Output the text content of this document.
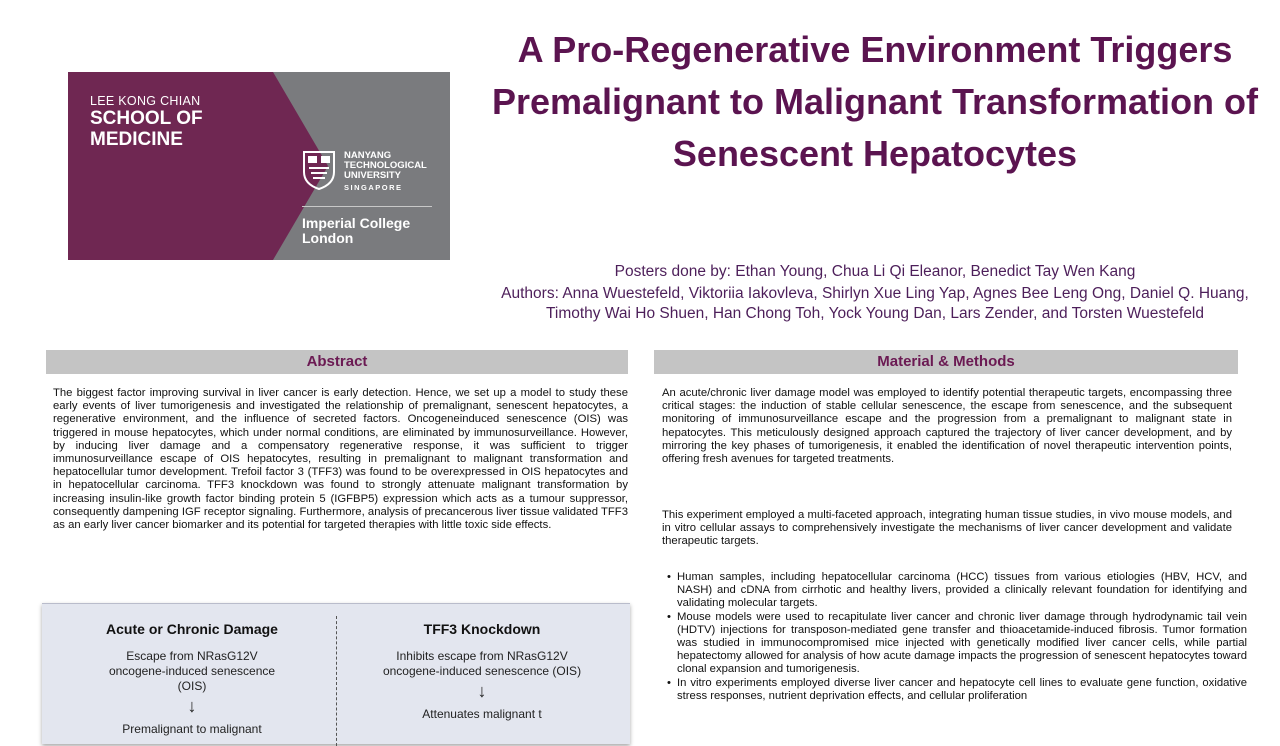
LEE KONG CHIAN
SCHOOL OF MEDICINE
NANYANG TECHNOLOGICAL UNIVERSITY
SINGAPORE
Imperial College London
A Pro-Regenerative Environment Triggers Premalignant to Malignant Transformation of Senescent Hepatocytes
Posters done by: Ethan Young, Chua Li Qi Eleanor, Benedict Tay Wen Kang
Authors: Anna Wuestefeld, Viktoriia Iakovleva, Shirlyn Xue Ling Yap, Agnes Bee Leng Ong, Daniel Q. Huang, Timothy Wai Ho Shuen, Han Chong Toh, Yock Young Dan, Lars Zender, and Torsten Wuestefeld
Abstract
The biggest factor improving survival in liver cancer is early detection. Hence, we set up a model to study these early events of liver tumorigenesis and investigated the relationship of premalignant, senescent hepatocytes, a regenerative environment, and the influence of secreted factors. Oncogeneinduced senescence (OIS) was triggered in mouse hepatocytes, which under normal conditions, are eliminated by immunosurveillance. However, by inducing liver damage and a compensatory regenerative response, it was sufficient to trigger immunosurveillance escape of OIS hepatocytes, resulting in premalignant to malignant transformation and hepatocellular tumor development. Trefoil factor 3 (TFF3) was found to be overexpressed in OIS hepatocytes and in hepatocellular carcinoma. TFF3 knockdown was found to strongly attenuate malignant transformation by increasing insulin-like growth factor binding protein 5 (IGFBP5) expression which acts as a tumour suppressor, consequently dampening IGF receptor signaling. Furthermore, analysis of precancerous liver tissue validated TFF3 as an early liver cancer biomarker and its potential for targeted therapies with little toxic side effects.
Material & Methods
An acute/chronic liver damage model was employed to identify potential therapeutic targets, encompassing three critical stages: the induction of stable cellular senescence, the escape from senescence, and the subsequent monitoring of immunosurveillance escape and the progression from a premalignant to malignant state in hepatocytes. This meticulously designed approach captured the trajectory of liver cancer development, and by mirroring the key phases of tumorigenesis, it enabled the identification of novel therapeutic intervention points, offering fresh avenues for targeted treatments.
This experiment employed a multi-faceted approach, integrating human tissue studies, in vivo mouse models, and in vitro cellular assays to comprehensively investigate the mechanisms of liver cancer development and validate therapeutic targets.
• Human samples, including hepatocellular carcinoma (HCC) tissues from various etiologies (HBV, HCV, and NASH) and cDNA from cirrhotic and healthy livers, provided a clinically relevant foundation for identifying and validating molecular targets.
• Mouse models were used to recapitulate liver cancer and chronic liver damage through hydrodynamic tail vein (HDTV) injections for transposon-mediated gene transfer and thioacetamide-induced fibrosis. Tumor formation was studied in immunocompromised mice injected with genetically modified liver cancer cells, while partial hepatectomy allowed for analysis of how acute damage impacts the progression of senescent hepatocytes toward clonal expansion and tumorigenesis.
• In vitro experiments employed diverse liver cancer and hepatocyte cell lines to evaluate gene function, oxidative stress responses, nutrient deprivation effects, and cellular proliferation
Acute or Chronic Damage
Escape from NRasG12V oncogene-induced senescence (OIS)
↓
Premalignant to malignant
TFF3 Knockdown
Inhibits escape from NRasG12V oncogene-induced senescence (OIS)
↓
Attenuates malignant t
